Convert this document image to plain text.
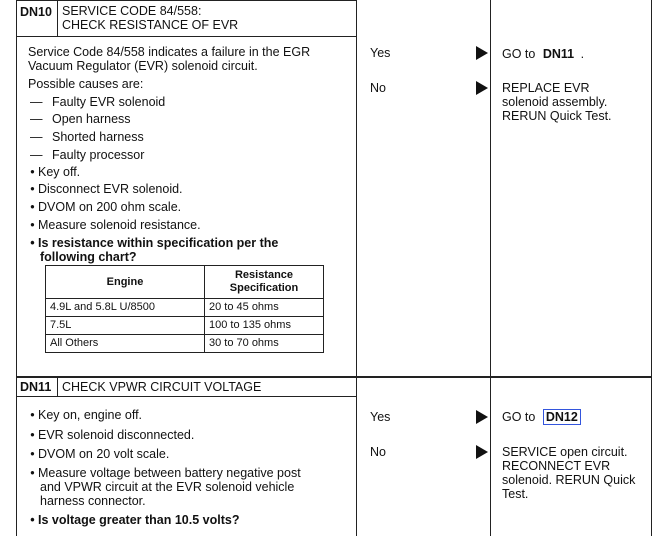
DN10 SERVICE CODE 84/558:
CHECK RESISTANCE OF EVR
Service Code 84/558 indicates a failure in the EGR
Vacuum Regulator (EVR) solenoid circuit.
Possible causes are:
— Faulty EVR solenoid
— Open harness
— Shorted harness
— Faulty processor
• Key off.
• Disconnect EVR solenoid.
• DVOM on 200 ohm scale.
• Measure solenoid resistance.
• Is resistance within specification per the
following chart?
Engine	Resistance
Specification
4.9L and 5.8L U/8500	20 to 45 ohms
7.5L	100 to 135 ohms
All Others	30 to 70 ohms
Yes	GO to DN11 .
No	REPLACE EVR
solenoid assembly.
RERUN Quick Test.
DN11 CHECK VPWR CIRCUIT VOLTAGE
• Key on, engine off.
• EVR solenoid disconnected.
• DVOM on 20 volt scale.
• Measure voltage between battery negative post
and VPWR circuit at the EVR solenoid vehicle
harness connector.
• Is voltage greater than 10.5 volts?
Yes	GO to DN12
No	SERVICE open circuit.
RECONNECT EVR
solenoid. RERUN Quick
Test.
